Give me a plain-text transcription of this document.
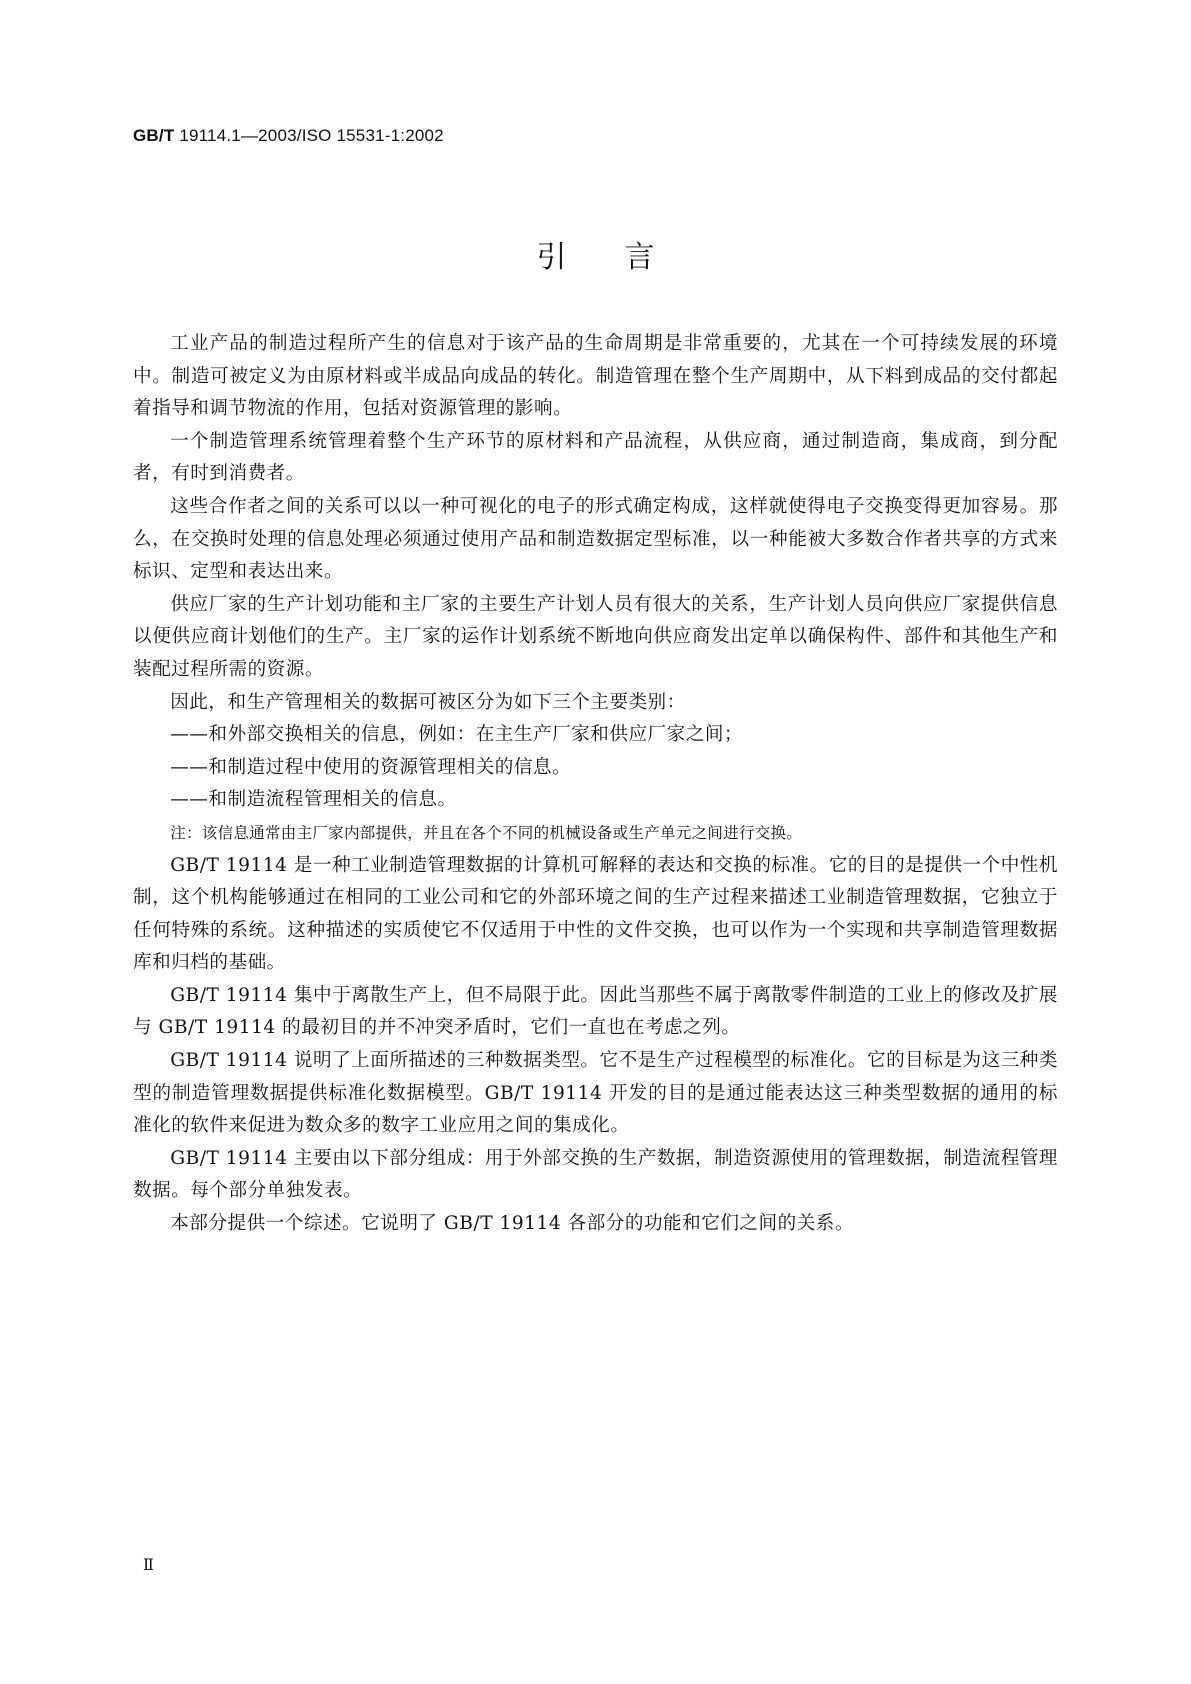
GB/T 19114.1—2003/ISO 15531-1:2002
引言

工业产品的制造过程所产生的信息对于该产品的生命周期是非常重要的，尤其在一个可持续发展的环境中。制造可被定义为由原材料或半成品向成品的转化。制造管理在整个生产周期中，从下料到成品的交付都起着指导和调节物流的作用，包括对资源管理的影响。

一个制造管理系统管理着整个生产环节的原材料和产品流程，从供应商，通过制造商，集成商，到分配者，有时到消费者。

这些合作者之间的关系可以以一种可视化的电子的形式确定构成，这样就使得电子交换变得更加容易。那么，在交换时处理的信息处理必须通过使用产品和制造数据定型标准，以一种能被大多数合作者共享的方式来标识、定型和表达出来。

供应厂家的生产计划功能和主厂家的主要生产计划人员有很大的关系，生产计划人员向供应厂家提供信息以便供应商计划他们的生产。主厂家的运作计划系统不断地向供应商发出定单以确保构件、部件和其他生产和装配过程所需的资源。

因此，和生产管理相关的数据可被区分为如下三个主要类别：

——和外部交换相关的信息，例如：在主生产厂家和供应厂家之间；

——和制造过程中使用的资源管理相关的信息。

——和制造流程管理相关的信息。

注：该信息通常由主厂家内部提供，并且在各个不同的机械设备或生产单元之间进行交换。

GB/T 19114 是一种工业制造管理数据的计算机可解释的表达和交换的标准。它的目的是提供一个中性机制，这个机构能够通过在相同的工业公司和它的外部环境之间的生产过程来描述工业制造管理数据，它独立于任何特殊的系统。这种描述的实质使它不仅适用于中性的文件交换，也可以作为一个实现和共享制造管理数据库和归档的基础。

GB/T 19114 集中于离散生产上，但不局限于此。因此当那些不属于离散零件制造的工业上的修改及扩展与 GB/T 19114 的最初目的并不冲突矛盾时，它们一直也在考虑之列。

GB/T 19114 说明了上面所描述的三种数据类型。它不是生产过程模型的标准化。它的目标是为这三种类型的制造管理数据提供标准化数据模型。GB/T 19114 开发的目的是通过能表达这三种类型数据的通用的标准化的软件来促进为数众多的数字工业应用之间的集成化。

GB/T 19114 主要由以下部分组成：用于外部交换的生产数据，制造资源使用的管理数据，制造流程管理数据。每个部分单独发表。

本部分提供一个综述。它说明了 GB/T 19114 各部分的功能和它们之间的关系。

Ⅱ
